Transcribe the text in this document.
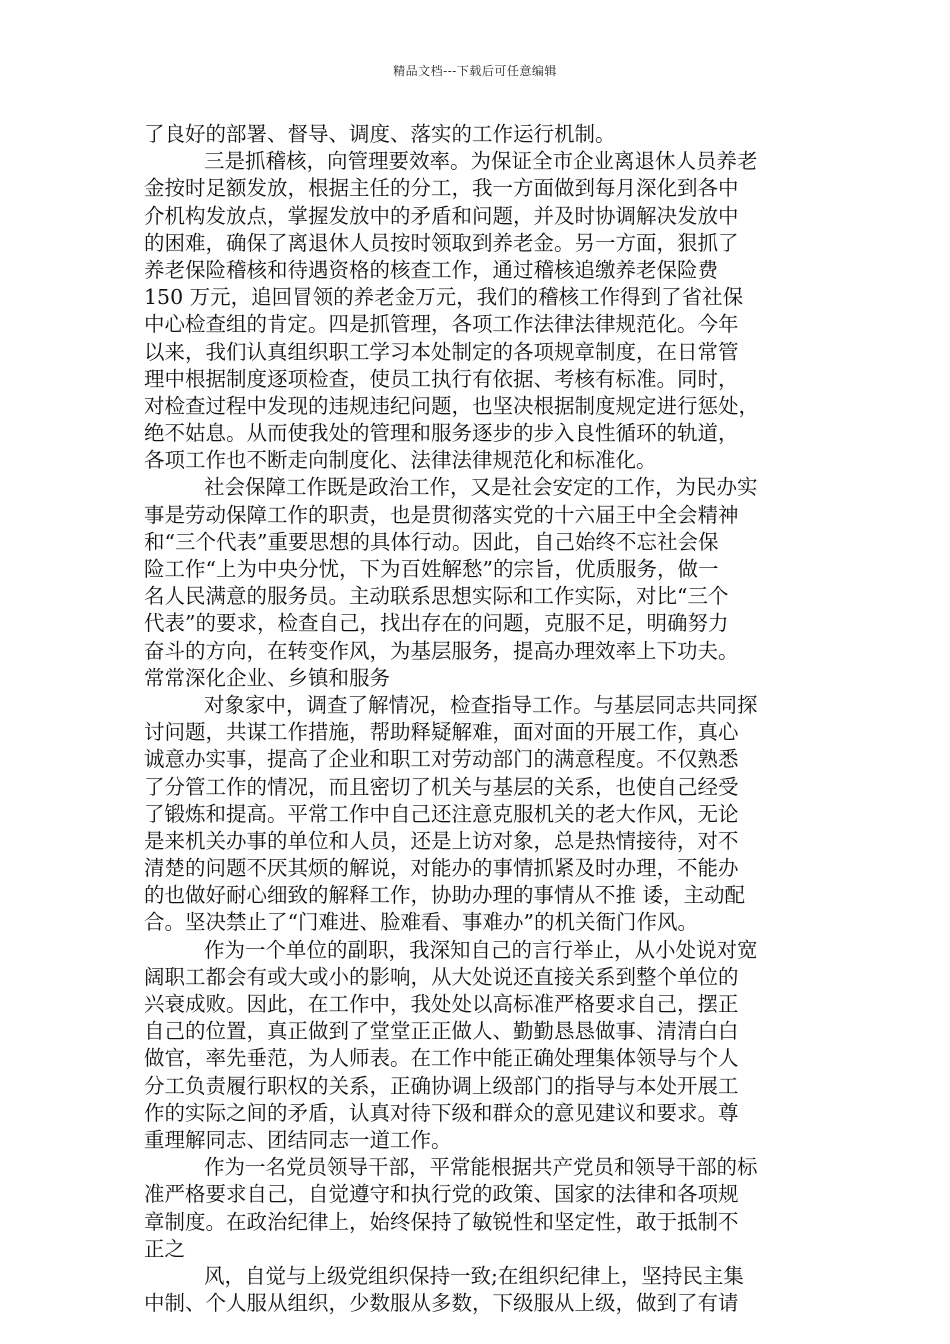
精品文档---下载后可任意编辑
了良好的部署、督导、调度、落实的工作运行机制。
三是抓稽核，向管理要效率。为保证全市企业离退休人员养老
金按时足额发放，根据主任的分工，我一方面做到每月深化到各中
介机构发放点，掌握发放中的矛盾和问题，并及时协调解决发放中
的困难，确保了离退休人员按时领取到养老金。另一方面，狠抓了
养老保险稽核和待遇资格的核查工作，通过稽核追缴养老保险费
150 万元，追回冒领的养老金万元，我们的稽核工作得到了省社保
中心检查组的肯定。四是抓管理，各项工作法律法律规范化。今年
以来，我们认真组织职工学习本处制定的各项规章制度，在日常管
理中根据制度逐项检查，使员工执行有依据、考核有标准。同时，
对检查过程中发现的违规违纪问题，也坚决根据制度规定进行惩处，
绝不姑息。从而使我处的管理和服务逐步的步入良性循环的轨道，
各项工作也不断走向制度化、法律法律规范化和标准化。
社会保障工作既是政治工作，又是社会安定的工作，为民办实
事是劳动保障工作的职责，也是贯彻落实党的十六届王中全会精神
和“三个代表”重要思想的具体行动。因此，自己始终不忘社会保
险工作“上为中央分忧，下为百姓解愁”的宗旨，优质服务，做一
名人民满意的服务员。主动联系思想实际和工作实际，对比“三个
代表”的要求，检查自己，找出存在的问题，克服不足，明确努力
奋斗的方向，在转变作风，为基层服务，提高办理效率上下功夫。
常常深化企业、乡镇和服务
对象家中，调查了解情况，检查指导工作。与基层同志共同探
讨问题，共谋工作措施，帮助释疑解难，面对面的开展工作，真心
诚意办实事，提高了企业和职工对劳动部门的满意程度。不仅熟悉
了分管工作的情况，而且密切了机关与基层的关系，也使自己经受
了锻炼和提高。平常工作中自己还注意克服机关的老大作风，无论
是来机关办事的单位和人员，还是上访对象，总是热情接待，对不
清楚的问题不厌其烦的解说，对能办的事情抓紧及时办理，不能办
的也做好耐心细致的解释工作，协助办理的事情从不推 诿，主动配
合。坚决禁止了“门难进、脸难看、事难办”的机关衙门作风。
作为一个单位的副职，我深知自己的言行举止，从小处说对宽
阔职工都会有或大或小的影响，从大处说还直接关系到整个单位的
兴衰成败。因此，在工作中，我处处以高标准严格要求自己，摆正
自己的位置，真正做到了堂堂正正做人、勤勤恳恳做事、清清白白
做官，率先垂范，为人师表。在工作中能正确处理集体领导与个人
分工负责履行职权的关系，正确协调上级部门的指导与本处开展工
作的实际之间的矛盾，认真对待下级和群众的意见建议和要求。尊
重理解同志、团结同志一道工作。
作为一名党员领导干部，平常能根据共产党员和领导干部的标
准严格要求自己，自觉遵守和执行党的政策、国家的法律和各项规
章制度。在政治纪律上，始终保持了敏锐性和坚定性，敢于抵制不
正之
风，自觉与上级党组织保持一致;在组织纪律上，坚持民主集
中制、个人服从组织，少数服从多数，下级服从上级，做到了有请
